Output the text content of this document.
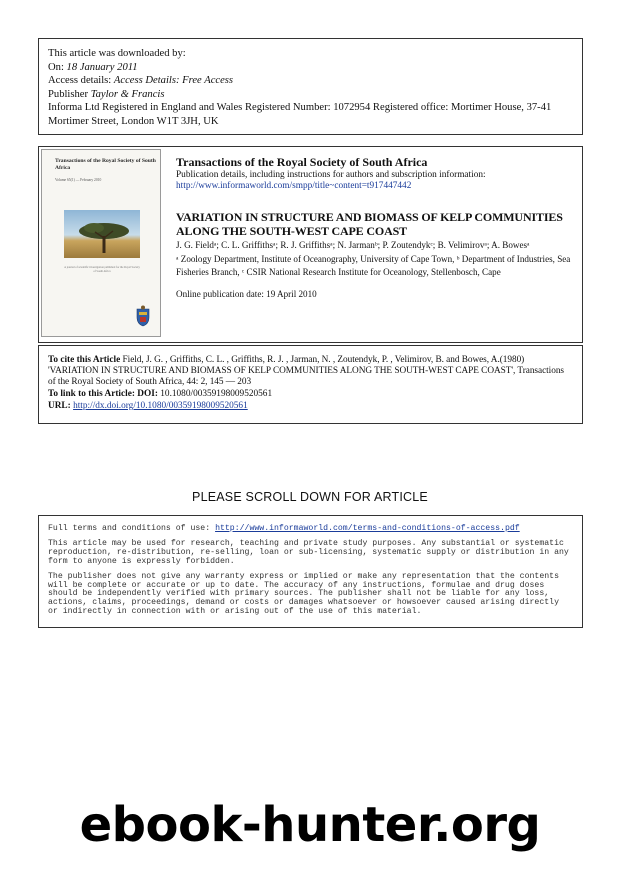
This article was downloaded by:
On: 18 January 2011
Access details: Access Details: Free Access
Publisher Taylor & Francis
Informa Ltd Registered in England and Wales Registered Number: 1072954 Registered office: Mortimer House, 37-41 Mortimer Street, London W1T 3JH, UK
Transactions of the Royal Society of South Africa
Volume 65(1) — February 2010
A journal of scientific investigation published for the Royal Society of South Africa
Transactions of the Royal Society of South Africa
Publication details, including instructions for authors and subscription information:
http://www.informaworld.com/smpp/title~content=t917447442
VARIATION IN STRUCTURE AND BIOMASS OF KELP COMMUNITIES ALONG THE SOUTH-WEST CAPE COAST
J. G. Fieldᵃ; C. L. Griffithsᵃ; R. J. Griffithsᵃ; N. Jarmanᵇ; P. Zoutendykᶜ; B. Velimirovᵃ; A. Bowesᵃ
ᵃ Zoology Department, Institute of Oceanography, University of Cape Town, ᵇ Department of Industries, Sea Fisheries Branch, ᶜ CSIR National Research Institute for Oceanology, Stellenbosch, Cape
Online publication date: 19 April 2010
To cite this Article Field, J. G. , Griffiths, C. L. , Griffiths, R. J. , Jarman, N. , Zoutendyk, P. , Velimirov, B. and Bowes, A.(1980) 'VARIATION IN STRUCTURE AND BIOMASS OF KELP COMMUNITIES ALONG THE SOUTH-WEST CAPE COAST', Transactions of the Royal Society of South Africa, 44: 2, 145 — 203
To link to this Article: DOI: 10.1080/00359198009520561
URL: http://dx.doi.org/10.1080/00359198009520561
PLEASE SCROLL DOWN FOR ARTICLE

Full terms and conditions of use: http://www.informaworld.com/terms-and-conditions-of-access.pdf

This article may be used for research, teaching and private study purposes. Any substantial or systematic reproduction, re-distribution, re-selling, loan or sub-licensing, systematic supply or distribution in any form to anyone is expressly forbidden.

The publisher does not give any warranty express or implied or make any representation that the contents will be complete or accurate or up to date. The accuracy of any instructions, formulae and drug doses should be independently verified with primary sources. The publisher shall not be liable for any loss, actions, claims, proceedings, demand or costs or damages whatsoever or howsoever caused arising directly or indirectly in connection with or arising out of the use of this material.

ebook-hunter.org
